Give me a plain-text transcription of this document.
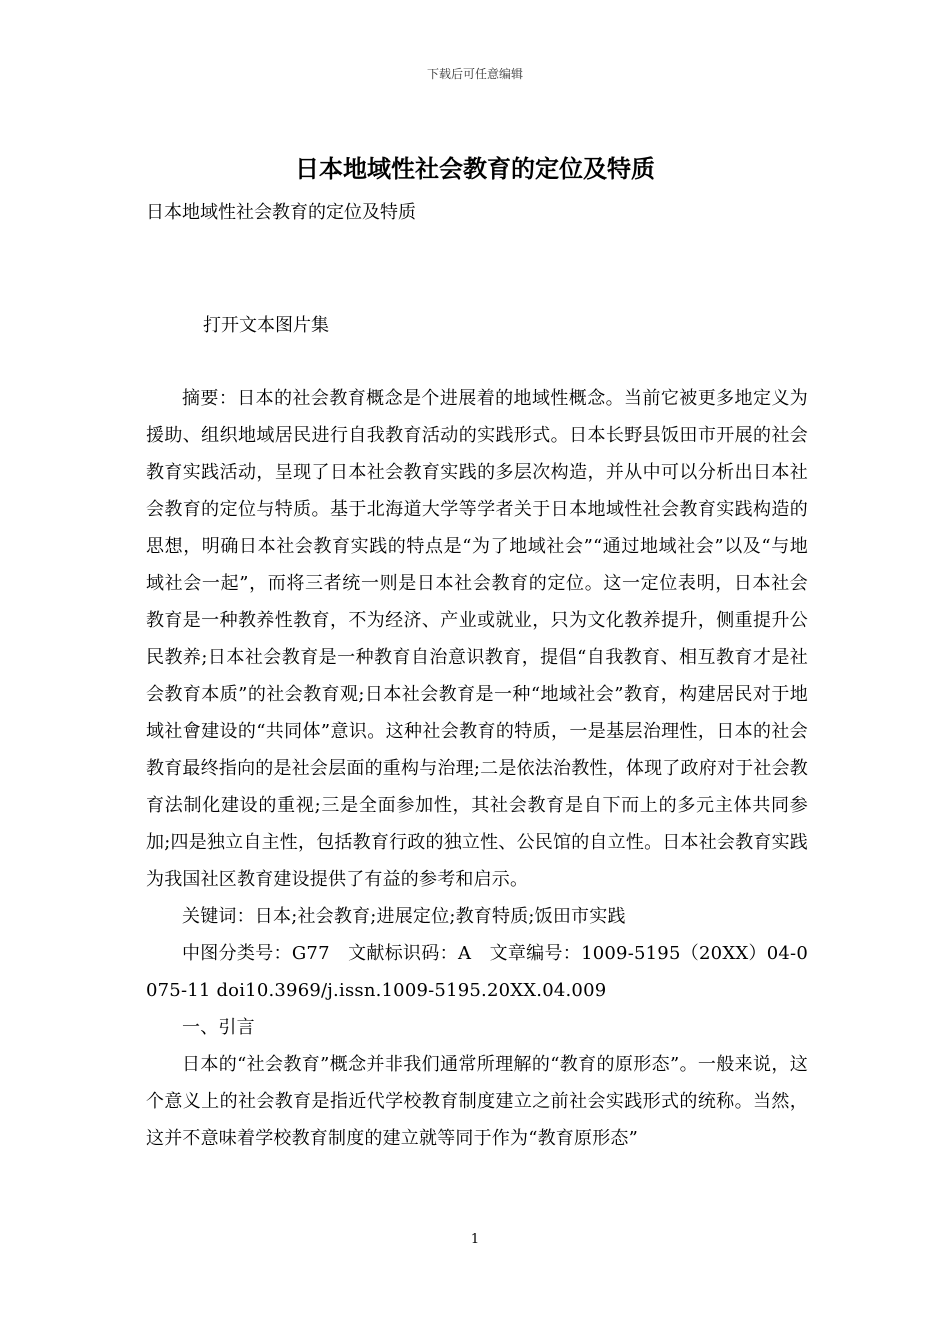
下载后可任意编辑
日本地域性社会教育的定位及特质
日本地域性社会教育的定位及特质
打开文本图片集

摘要：日本的社会教育概念是个进展着的地域性概念。当前它被更多地定义为援助、组织地域居民进行自我教育活动的实践形式。日本长野县饭田市开展的社会教育实践活动，呈现了日本社会教育实践的多层次构造，并从中可以分析出日本社会教育的定位与特质。基于北海道大学等学者关于日本地域性社会教育实践构造的思想，明确日本社会教育实践的特点是“为了地域社会”“通过地域社会”以及“与地域社会一起”，而将三者统一则是日本社会教育的定位。这一定位表明，日本社会教育是一种教养性教育，不为经济、产业或就业，只为文化教养提升，侧重提升公民教养;日本社会教育是一种教育自治意识教育，提倡“自我教育、相互教育才是社会教育本质”的社会教育观;日本社会教育是一种“地域社会”教育，构建居民对于地域社會建设的“共同体”意识。这种社会教育的特质，一是基层治理性，日本的社会教育最终指向的是社会层面的重构与治理;二是依法治教性，体现了政府对于社会教育法制化建设的重视;三是全面参加性，其社会教育是自下而上的多元主体共同参加;四是独立自主性，包括教育行政的独立性、公民馆的自立性。日本社会教育实践为我国社区教育建设提供了有益的参考和启示。

关键词：日本;社会教育;进展定位;教育特质;饭田市实践

中图分类号：G77　文献标识码：A　文章编号：1009-5195（20XX）04-0075-11 doi10.3969/j.issn.1009-5195.20XX.04.009

一、引言

日本的“社会教育”概念并非我们通常所理解的“教育的原形态”。一般来说，这个意义上的社会教育是指近代学校教育制度建立之前社会实践形式的统称。当然，这并不意味着学校教育制度的建立就等同于作为“教育原形态”

1
